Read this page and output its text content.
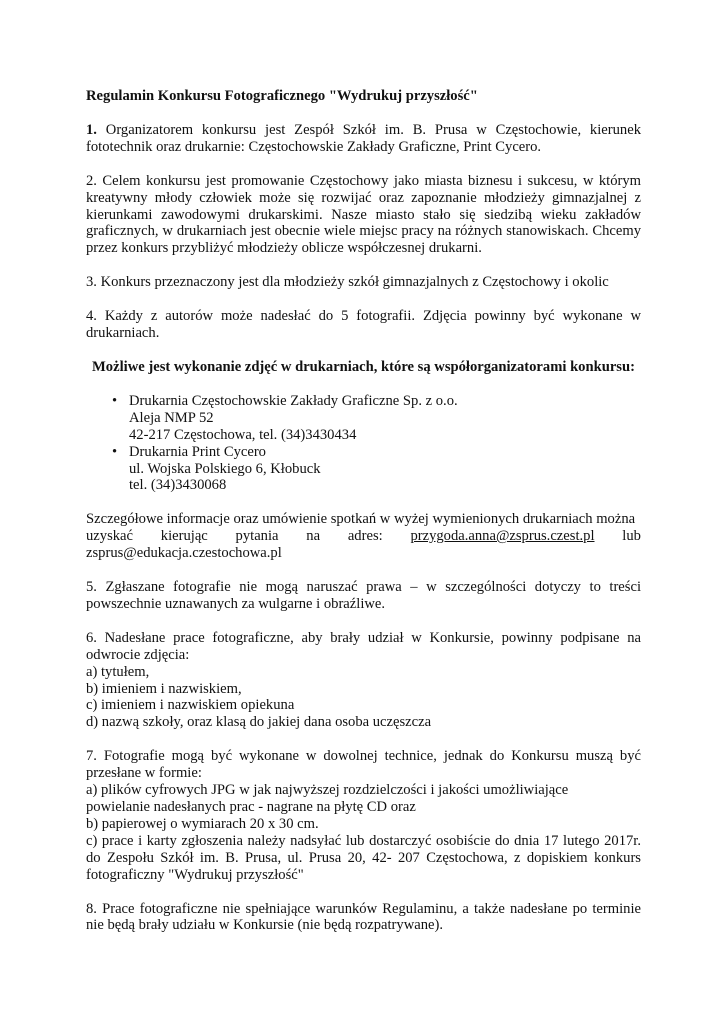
Regulamin Konkursu Fotograficznego "Wydrukuj przyszłość"

1. Organizatorem konkursu jest Zespół Szkół im. B. Prusa w Częstochowie, kierunek fototechnik oraz drukarnie: Częstochowskie Zakłady Graficzne, Print Cycero.

2. Celem konkursu jest promowanie Częstochowy jako miasta biznesu i sukcesu, w którym kreatywny młody człowiek może się rozwijać oraz zapoznanie młodzieży gimnazjalnej z kierunkami zawodowymi drukarskimi. Nasze miasto stało się siedzibą wieku zakładów graficznych, w drukarniach jest obecnie wiele miejsc pracy na różnych stanowiskach. Chcemy przez konkurs przybliżyć młodzieży oblicze współczesnej drukarni.

3. Konkurs przeznaczony jest dla młodzieży szkół gimnazjalnych z Częstochowy i okolic

4. Każdy z autorów może nadesłać do 5 fotografii. Zdjęcia powinny być wykonane w drukarniach.

Możliwe jest wykonanie zdjęć w drukarniach, które są współorganizatorami konkursu:

• Drukarnia Częstochowskie Zakłady Graficzne Sp. z o.o.
Aleja NMP 52
42-217 Częstochowa, tel. (34)3430434
• Drukarnia Print Cycero
ul. Wojska Polskiego 6, Kłobuck
tel. (34)3430068
Szczegółowe informacje oraz umówienie spotkań w wyżej wymienionych drukarniach można
uzyskać kierując pytania na adres: przygoda.anna@zsprus.czest.pl lub
zsprus@edukacja.czestochowa.pl

5. Zgłaszane fotografie nie mogą naruszać prawa – w szczególności dotyczy to treści powszechnie uznawanych za wulgarne i obraźliwe.

6. Nadesłane prace fotograficzne, aby brały udział w Konkursie, powinny podpisane na odwrocie zdjęcia:
a) tytułem,
b) imieniem i nazwiskiem,
c) imieniem i nazwiskiem opiekuna
d) nazwą szkoły, oraz klasą do jakiej dana osoba uczęszcza
7. Fotografie mogą być wykonane w dowolnej technice, jednak do Konkursu muszą być przesłane w formie:
a) plików cyfrowych JPG w jak najwyższej rozdzielczości i jakości umożliwiające
powielanie nadesłanych prac - nagrane na płytę CD oraz
b) papierowej o wymiarach 20 x 30 cm.
c) prace i karty zgłoszenia należy nadsyłać lub dostarczyć osobiście do dnia 17 lutego 2017r. do Zespołu Szkół im. B. Prusa, ul. Prusa 20, 42- 207 Częstochowa, z dopiskiem konkurs fotograficzny "Wydrukuj przyszłość"

8. Prace fotograficzne nie spełniające warunków Regulaminu, a także nadesłane po terminie nie będą brały udziału w Konkursie (nie będą rozpatrywane).
